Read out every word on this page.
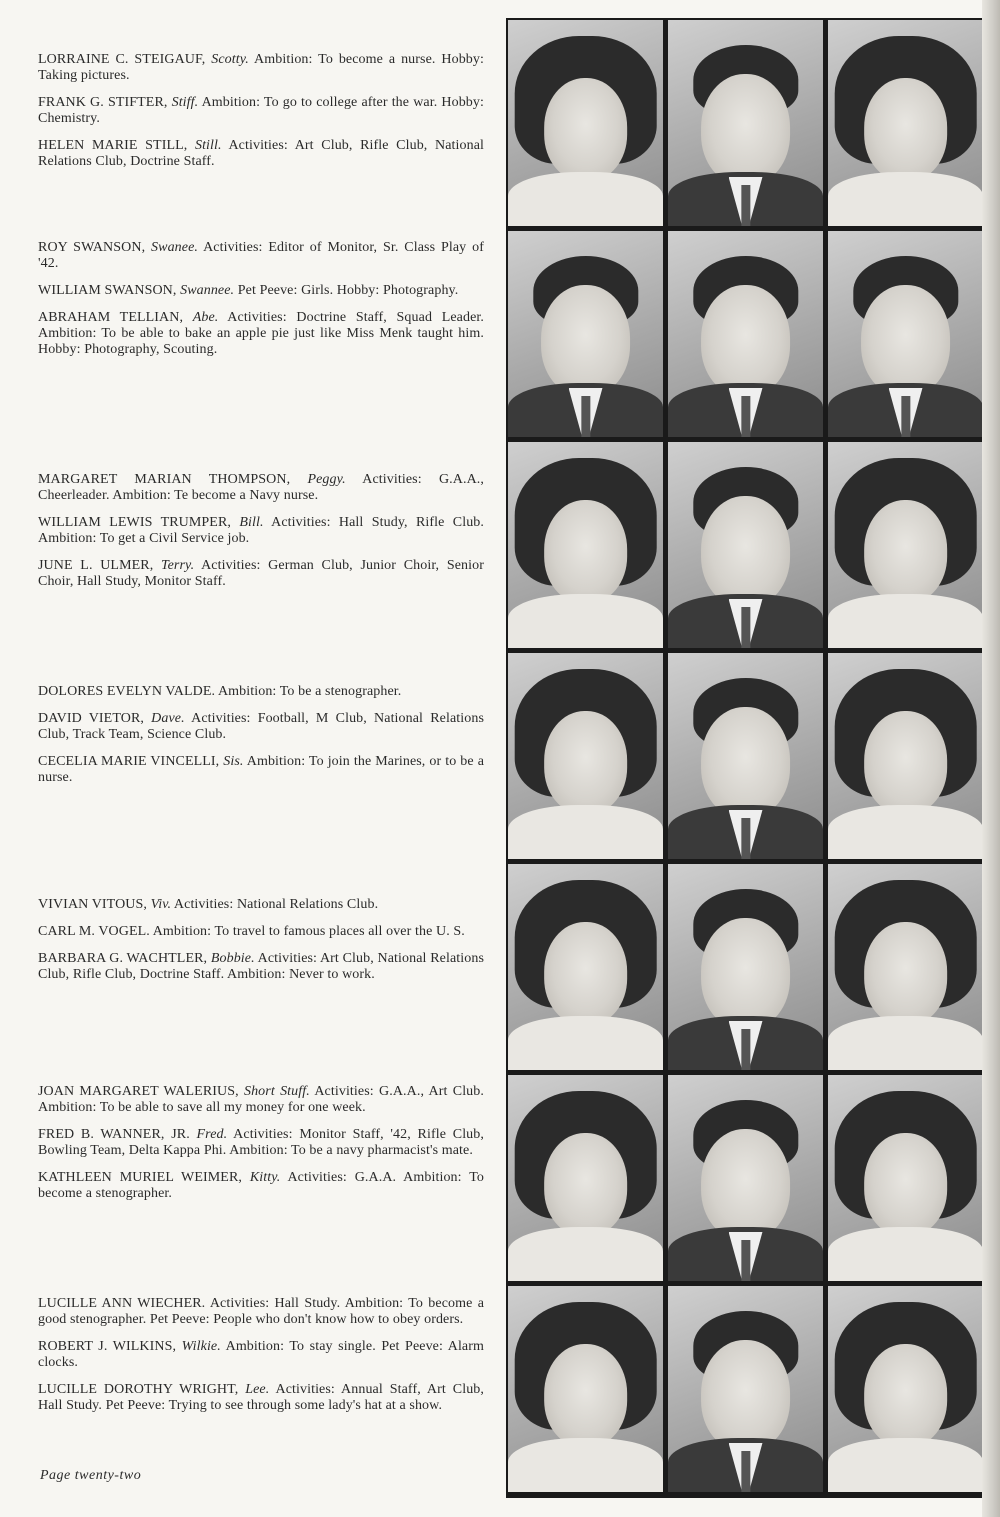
LORRAINE C. STEIGAUF, Scotty. Ambition: To become a nurse. Hobby: Taking pictures.

FRANK G. STIFTER, Stiff. Ambition: To go to college after the war. Hobby: Chemistry.

HELEN MARIE STILL, Still. Activities: Art Club, Rifle Club, National Relations Club, Doctrine Staff.

ROY SWANSON, Swanee. Activities: Editor of Monitor, Sr. Class Play of '42.

WILLIAM SWANSON, Swannee. Pet Peeve: Girls. Hobby: Photography.

ABRAHAM TELLIAN, Abe. Activities: Doctrine Staff, Squad Leader. Ambition: To be able to bake an apple pie just like Miss Menk taught him. Hobby: Photography, Scouting.

MARGARET MARIAN THOMPSON, Peggy. Activities: G.A.A., Cheerleader. Ambition: Te become a Navy nurse.

WILLIAM LEWIS TRUMPER, Bill. Activities: Hall Study, Rifle Club. Ambition: To get a Civil Service job.

JUNE L. ULMER, Terry. Activities: German Club, Junior Choir, Senior Choir, Hall Study, Monitor Staff.

DOLORES EVELYN VALDE. Ambition: To be a stenographer.

DAVID VIETOR, Dave. Activities: Football, M Club, National Relations Club, Track Team, Science Club.

CECELIA MARIE VINCELLI, Sis. Ambition: To join the Marines, or to be a nurse.

VIVIAN VITOUS, Viv. Activities: National Relations Club.

CARL M. VOGEL. Ambition: To travel to famous places all over the U. S.

BARBARA G. WACHTLER, Bobbie. Activities: Art Club, National Relations Club, Rifle Club, Doctrine Staff. Ambition: Never to work.

JOAN MARGARET WALERIUS, Short Stuff. Activities: G.A.A., Art Club. Ambition: To be able to save all my money for one week.

FRED B. WANNER, JR. Fred. Activities: Monitor Staff, '42, Rifle Club, Bowling Team, Delta Kappa Phi. Ambition: To be a navy pharmacist's mate.

KATHLEEN MURIEL WEIMER, Kitty. Activities: G.A.A. Ambition: To become a stenographer.

LUCILLE ANN WIECHER. Activities: Hall Study. Ambition: To become a good stenographer. Pet Peeve: People who don't know how to obey orders.

ROBERT J. WILKINS, Wilkie. Ambition: To stay single. Pet Peeve: Alarm clocks.

LUCILLE DOROTHY WRIGHT, Lee. Activities: Annual Staff, Art Club, Hall Study. Pet Peeve: Trying to see through some lady's hat at a show.

Page twenty-two
